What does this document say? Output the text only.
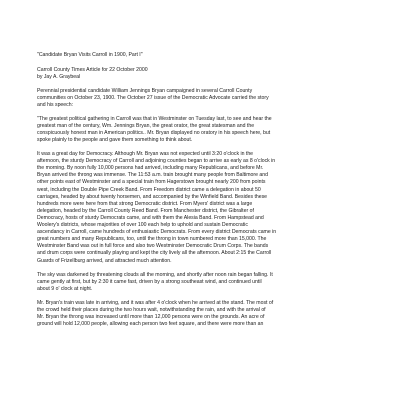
"Candidate Bryan Visits Carroll in 1900, Part I"

Carroll County Times Article for 22 October 2000
by Jay A. Graybeal

Perennial presidential candidate William Jennings Bryan campaigned in several Carroll County
communities on October 23, 1900. The October 27 issue of the Democratic Advocate carried the story
and his speech:

"The greatest political gathering in Carroll was that in Westminster on Tuesday last, to see and hear the
greatest man of the century, Wm. Jennings Bryan, the great orator, the great statesman and the
conspicuously honest man in American politics.. Mr. Bryan displayed no oratory in his speech here, but
spoke plainly to the people and gave them something to think about.

It was a great day for Democracy. Although Mr. Bryan was not expected until 3:20 o'clock in the
afternoon, the sturdy Democracy of Carroll and adjoining counties began to arrive as early as 8 o'clock in
the morning. By noon fully 10,000 persons had arrived, including many Republicans, and before Mr.
Bryan arrived the throng was immense. The 11:53 a.m. train brought many people from Baltimore and
other points east of Westminster and a special train from Hagerstown brought nearly 200 from points
west, including the Double Pipe Creek Band. From Freedom district came a delegation in about 50
carriages, headed by about twenty horsemen, and accompanied by the Winfield Band. Besides these
hundreds more were here from that strong Democratic district. From Myers' district was a large
delegation, headed by the Carroll County Reed Band. From Manchester district, the Gibralter of
Democracy, hosts of sturdy Democrats came, and with them the Alesia Band. From Hampstead and
Woolery's districts, whose majorities of over 100 each help to uphold and sustain Democratic
ascendancy in Carroll, came hundreds of enthusiastic Democrats. From every district Democrats came in
great numbers and many Republicans, too, until the throng in town numbered more than 15,000. The
Westminster Band was out in full force and also two Westminster Democratic Drum Corps. The bands
and drum corps were continually playing and kept the city lively all the afternoon. About 2:15 the Carroll
Guards of Frizellburg arrived, and attracted much attention.

The sky was darkened by threatening clouds all the morning, and shortly after noon rain began falling. It
came gently at first, but by 2:30 it came fast, driven by a strong southeast wind, and continued until
about 9 o' clock at night.

Mr. Bryan's train was late in arriving, and it was after 4 o'clock when he arrived at the stand. The most of
the crowd held their places during the two hours wait, notwithstanding the rain, and with the arrival of
Mr. Bryan the throng was increased until more than 12,000 persons were on the grounds. An acre of
ground will hold 12,000 people, allowing each person two feet square, and there were more than an
